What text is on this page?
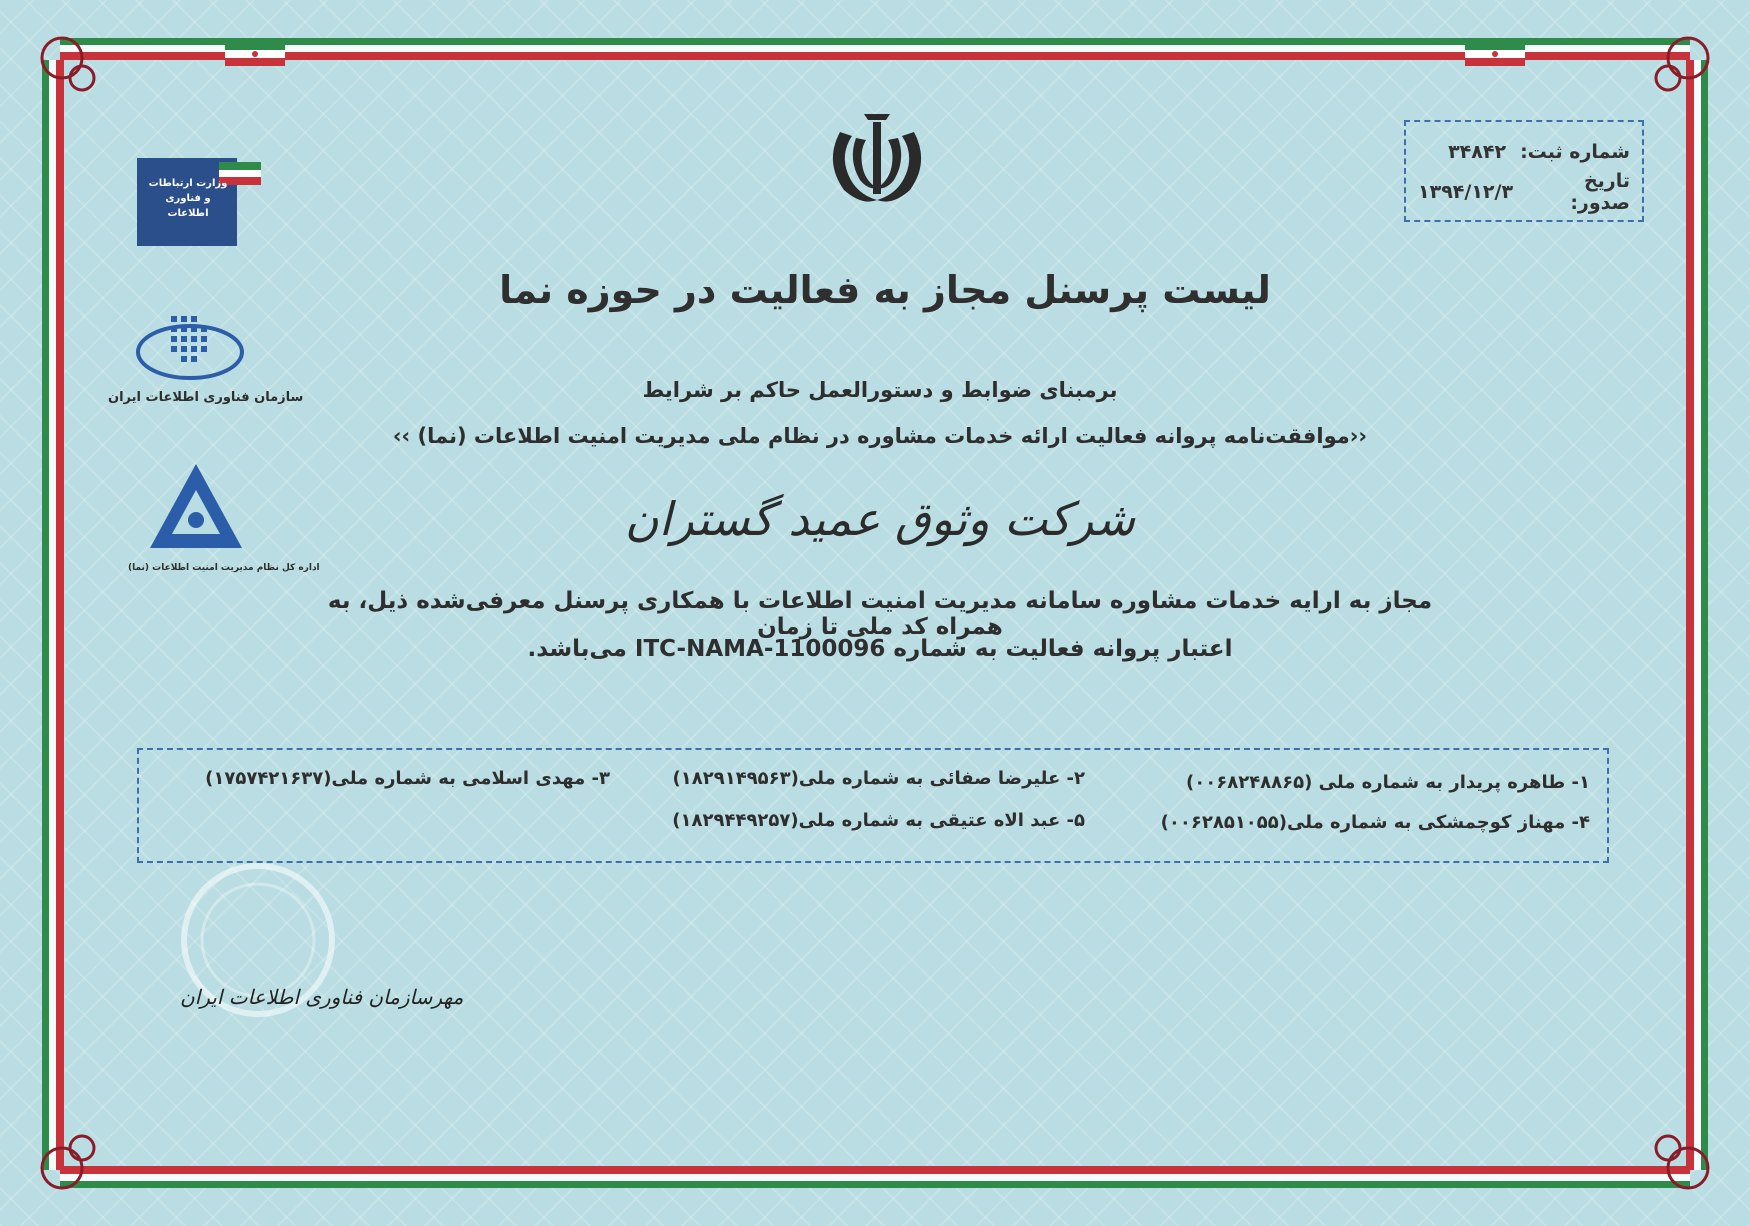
شماره ثبت:
۳۴۸۴۲
تاریخ صدور:
۱۳۹۴/۱۲/۳
وزارت ارتباطات و فناوری اطلاعات
سازمان فناوری اطلاعات ایران
اداره کل نظام مدیریت امنیت اطلاعات (نما)
لیست پرسنل مجاز به فعالیت در حوزه نما
برمبنای ضوابط و دستورالعمل حاکم بر شرایط
‹‹موافقت‌نامه پروانه فعالیت ارائه خدمات مشاوره در نظام ملی مدیریت امنیت اطلاعات (نما) ››
شرکت وثوق عمید گستران
مجاز به ارایه خدمات مشاوره سامانه مدیریت امنیت اطلاعات با همکاری پرسنل معرفی‌شده ذیل، به همراه کد ملی تا زمان
اعتبار پروانه فعالیت به شماره ITC-NAMA-1100096 می‌باشد.
۱- طاهره پریدار به شماره ملی (۰۰۶۸۲۴۸۸۶۵)
۲- علیرضا صفائی به شماره ملی(۱۸۲۹۱۴۹۵۶۳)
۳- مهدی اسلامی به شماره ملی(۱۷۵۷۴۲۱۶۳۷)
۴- مهناز کوچمشکی به شماره ملی(۰۰۶۲۸۵۱۰۵۵)
۵- عبد الاه عتیقی به شماره ملی(۱۸۲۹۴۴۹۲۵۷)
مهرسازمان فناوری اطلاعات ایران
